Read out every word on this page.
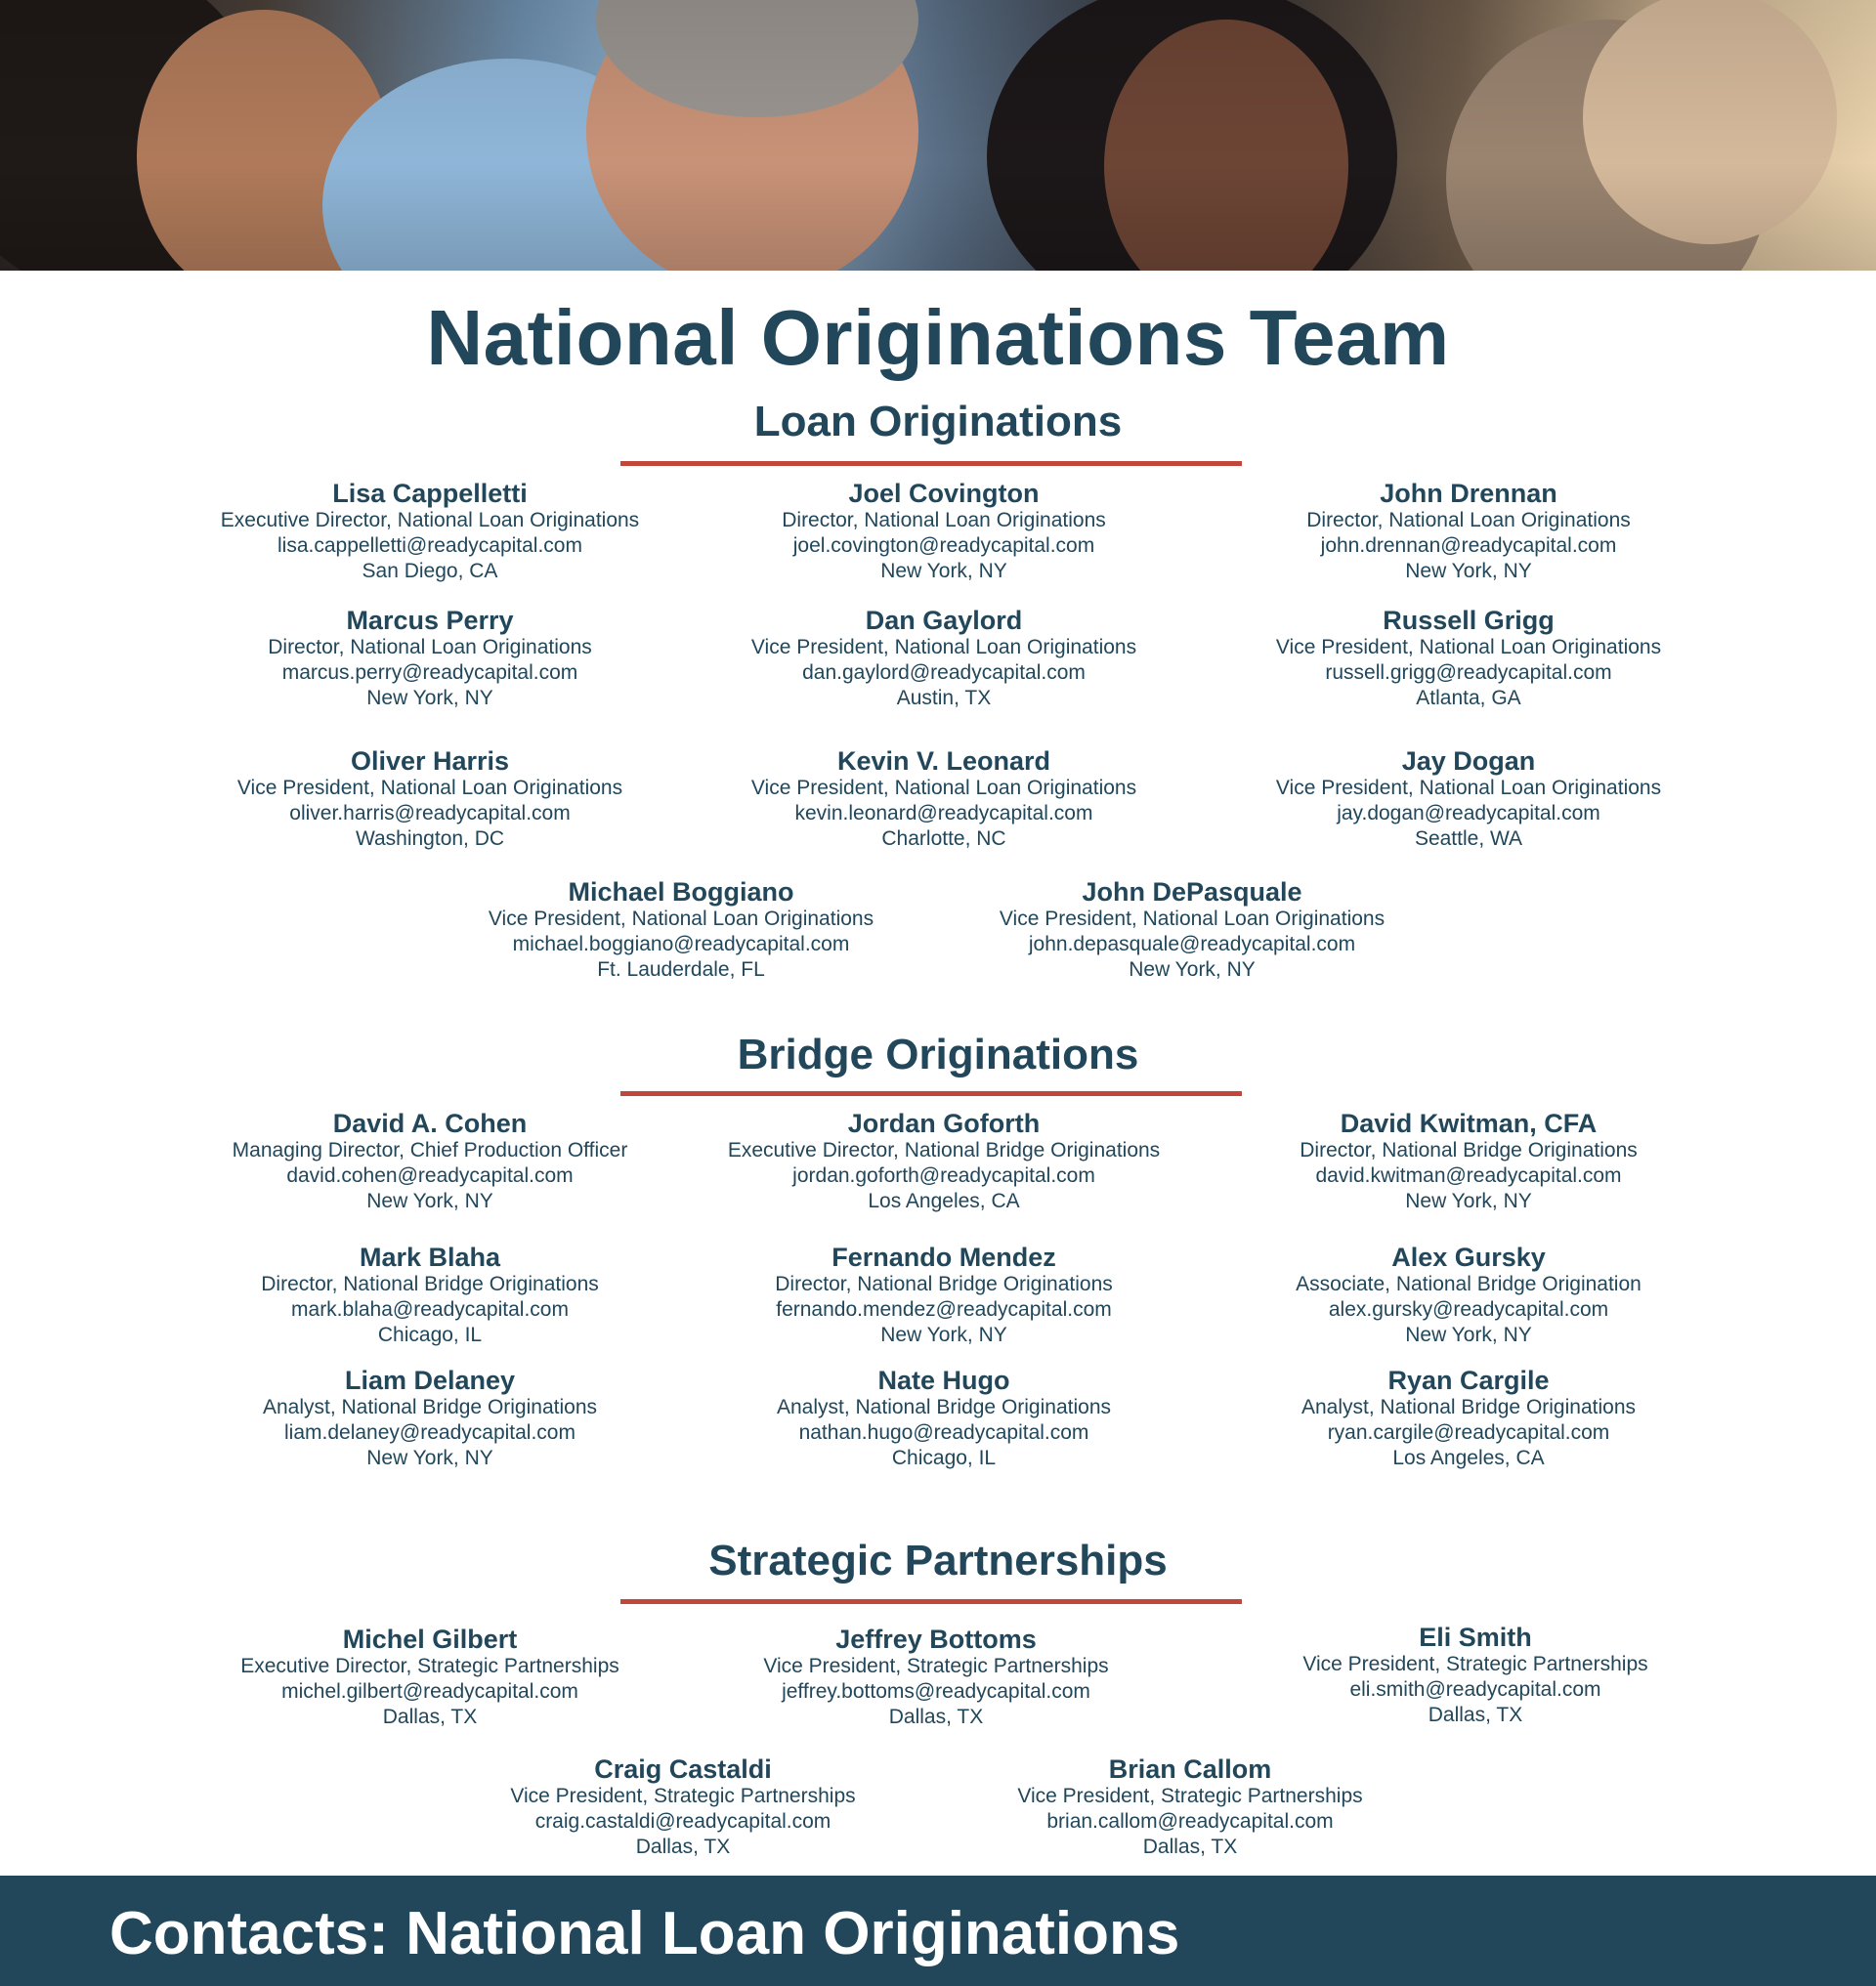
National Originations Team
Loan Originations
Lisa Cappelletti
Executive Director, National Loan Originations
lisa.cappelletti@readycapital.com
San Diego, CA
Joel Covington
Director, National Loan Originations
joel.covington@readycapital.com
New York, NY
John Drennan
Director, National Loan Originations
john.drennan@readycapital.com
New York, NY
Marcus Perry
Director, National Loan Originations
marcus.perry@readycapital.com
New York, NY
Dan Gaylord
Vice President, National Loan Originations
dan.gaylord@readycapital.com
Austin, TX
Russell Grigg
Vice President, National Loan Originations
russell.grigg@readycapital.com
Atlanta, GA
Oliver Harris
Vice President, National Loan Originations
oliver.harris@readycapital.com
Washington, DC
Kevin V. Leonard
Vice President, National Loan Originations
kevin.leonard@readycapital.com
Charlotte, NC
Jay Dogan
Vice President, National Loan Originations
jay.dogan@readycapital.com
Seattle, WA
Michael Boggiano
Vice President, National Loan Originations
michael.boggiano@readycapital.com
Ft. Lauderdale, FL
John DePasquale
Vice President, National Loan Originations
john.depasquale@readycapital.com
New York, NY
Bridge Originations
David A. Cohen
Managing Director, Chief Production Officer
david.cohen@readycapital.com
New York, NY
Jordan Goforth
Executive Director, National Bridge Originations
jordan.goforth@readycapital.com
Los Angeles, CA
David Kwitman, CFA
Director, National Bridge Originations
david.kwitman@readycapital.com
New York, NY
Mark Blaha
Director, National Bridge Originations
mark.blaha@readycapital.com
Chicago, IL
Fernando Mendez
Director, National Bridge Originations
fernando.mendez@readycapital.com
New York, NY
Alex Gursky
Associate, National Bridge Origination
alex.gursky@readycapital.com
New York, NY
Liam Delaney
Analyst, National Bridge Originations
liam.delaney@readycapital.com
New York, NY
Nate Hugo
Analyst, National Bridge Originations
nathan.hugo@readycapital.com
Chicago, IL
Ryan Cargile
Analyst, National Bridge Originations
ryan.cargile@readycapital.com
Los Angeles, CA
Strategic Partnerships
Michel Gilbert
Executive Director, Strategic Partnerships
michel.gilbert@readycapital.com
Dallas, TX
Jeffrey Bottoms
Vice President, Strategic Partnerships
jeffrey.bottoms@readycapital.com
Dallas, TX
Eli Smith
Vice President, Strategic Partnerships
eli.smith@readycapital.com
Dallas, TX
Craig Castaldi
Vice President, Strategic Partnerships
craig.castaldi@readycapital.com
Dallas, TX
Brian Callom
Vice President, Strategic Partnerships
brian.callom@readycapital.com
Dallas, TX
Contacts: National Loan Originations
